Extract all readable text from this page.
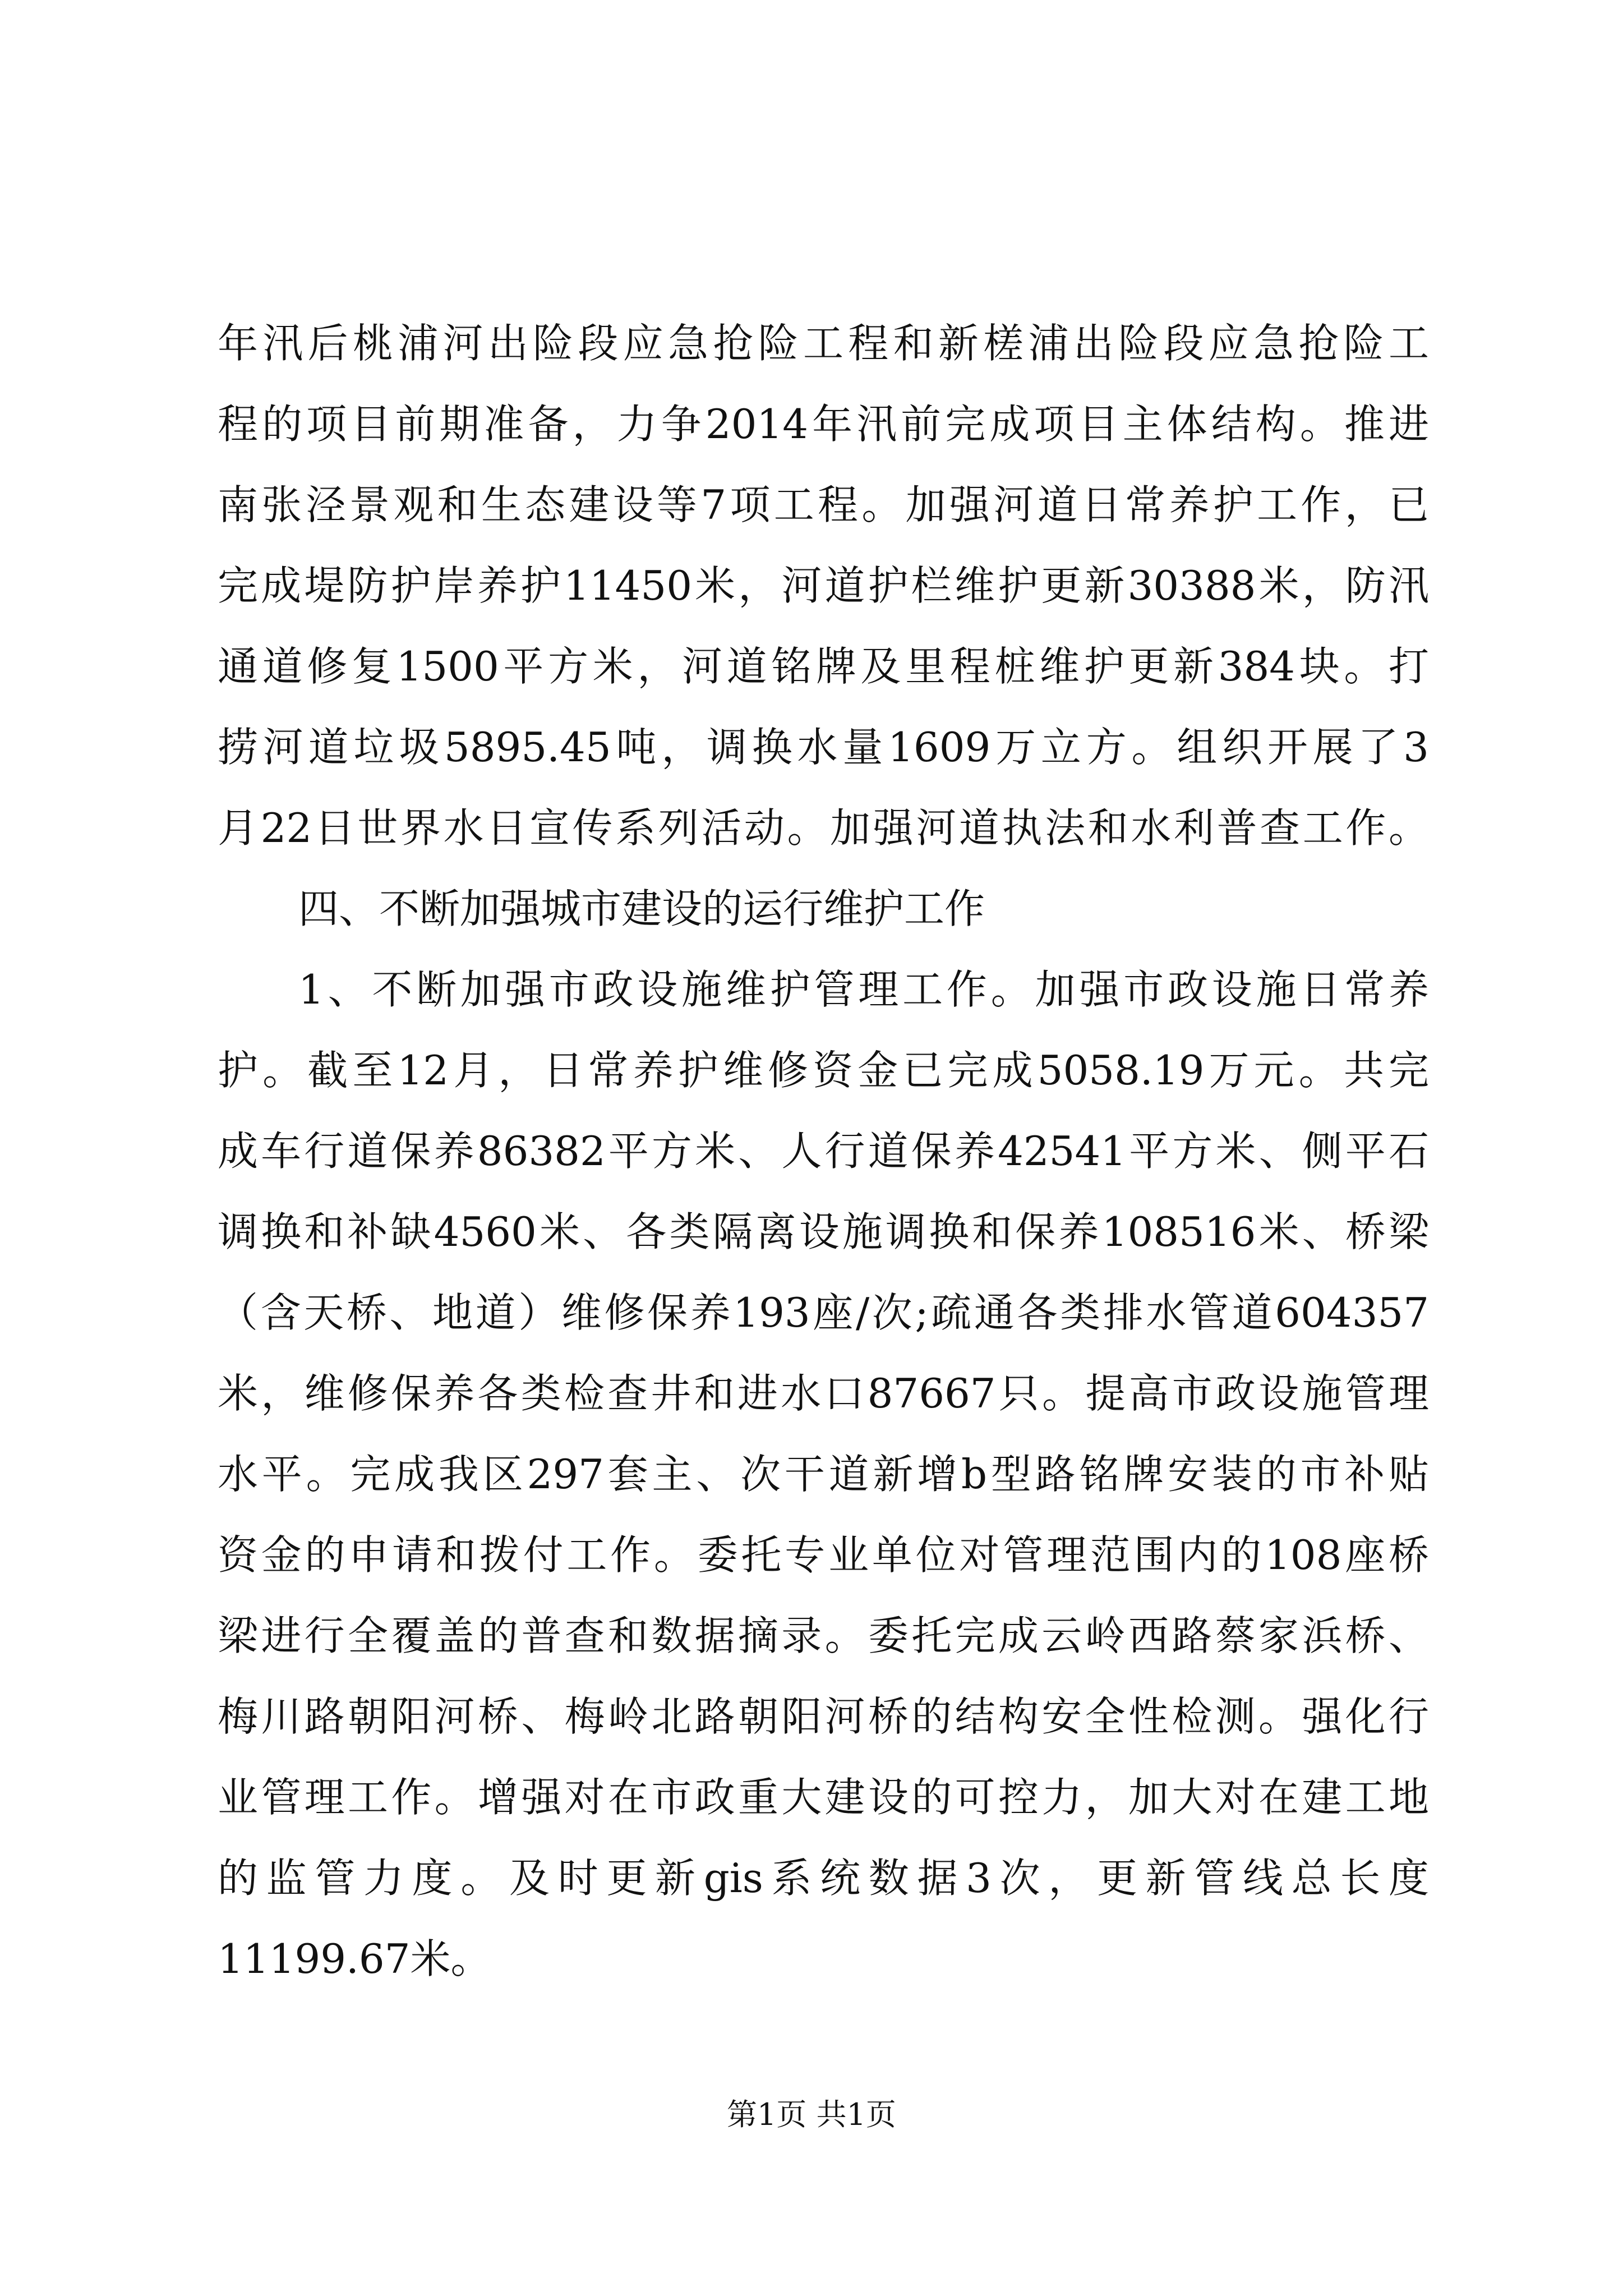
年汛后桃浦河出险段应急抢险工程和新槎浦出险段应急抢险工
程的项目前期准备，力争2014年汛前完成项目主体结构。推进
南张泾景观和生态建设等7项工程。加强河道日常养护工作，已
完成堤防护岸养护11450米，河道护栏维护更新30388米，防汛
通道修复1500平方米，河道铭牌及里程桩维护更新384块。打
捞河道垃圾5895.45吨，调换水量1609万立方。组织开展了3
月22日世界水日宣传系列活动。加强河道执法和水利普查工作。
四、不断加强城市建设的运行维护工作
1、不断加强市政设施维护管理工作。加强市政设施日常养
护。截至12月，日常养护维修资金已完成5058.19万元。共完
成车行道保养86382平方米、人行道保养42541平方米、侧平石
调换和补缺4560米、各类隔离设施调换和保养108516米、桥梁
（含天桥、地道）维修保养193座/次;疏通各类排水管道604357
米，维修保养各类检查井和进水口87667只。提高市政设施管理
水平。完成我区297套主、次干道新增b型路铭牌安装的市补贴
资金的申请和拨付工作。委托专业单位对管理范围内的108座桥
梁进行全覆盖的普查和数据摘录。委托完成云岭西路蔡家浜桥、
梅川路朝阳河桥、梅岭北路朝阳河桥的结构安全性检测。强化行
业管理工作。增强对在市政重大建设的可控力，加大对在建工地
的监管力度。及时更新gis系统数据3次，更新管线总长度
11199.67米。
第1页 共1页
